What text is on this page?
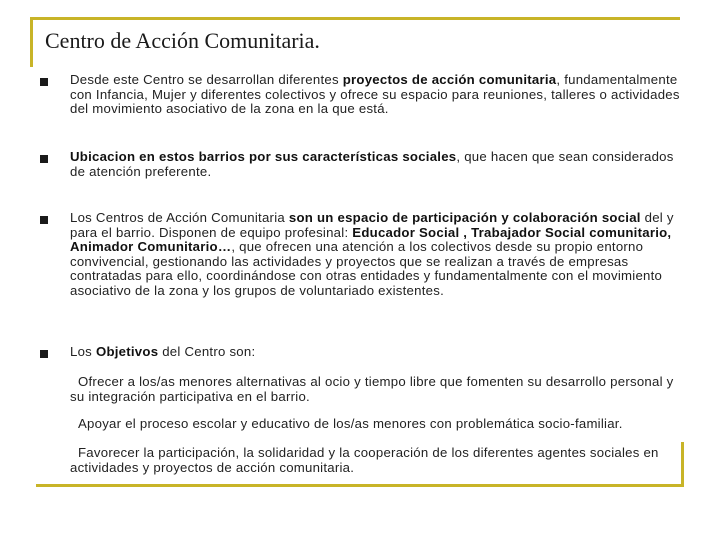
Centro de Acción Comunitaria.
Desde este Centro se desarrollan diferentes proyectos de acción comunitaria, fundamentalmente con Infancia, Mujer y diferentes colectivos y ofrece su espacio para reuniones, talleres o actividades del movimiento asociativo de la zona en la que está.
Ubicacion en estos barrios por sus características sociales, que hacen que sean considerados de atención preferente.
Los Centros de Acción Comunitaria son un espacio de participación y colaboración social del y para el barrio. Disponen de equipo profesinal: Educador Social , Trabajador Social comunitario, Animador Comunitario…, que ofrecen una atención a los colectivos desde su propio entorno convivencial, gestionando las actividades y proyectos que se realizan a través de empresas contratadas para ello, coordinándose con otras entidades y fundamentalmente con el movimiento asociativo de la zona y los grupos de voluntariado existentes.
Los Objetivos del Centro son:
Ofrecer a los/as menores alternativas al ocio y tiempo libre que fomenten su desarrollo personal y su integración participativa en el barrio.
Apoyar el proceso escolar y educativo de los/as menores con problemática socio-familiar.
Favorecer la participación, la solidaridad y la cooperación de los diferentes agentes sociales en actividades y proyectos de acción comunitaria.
